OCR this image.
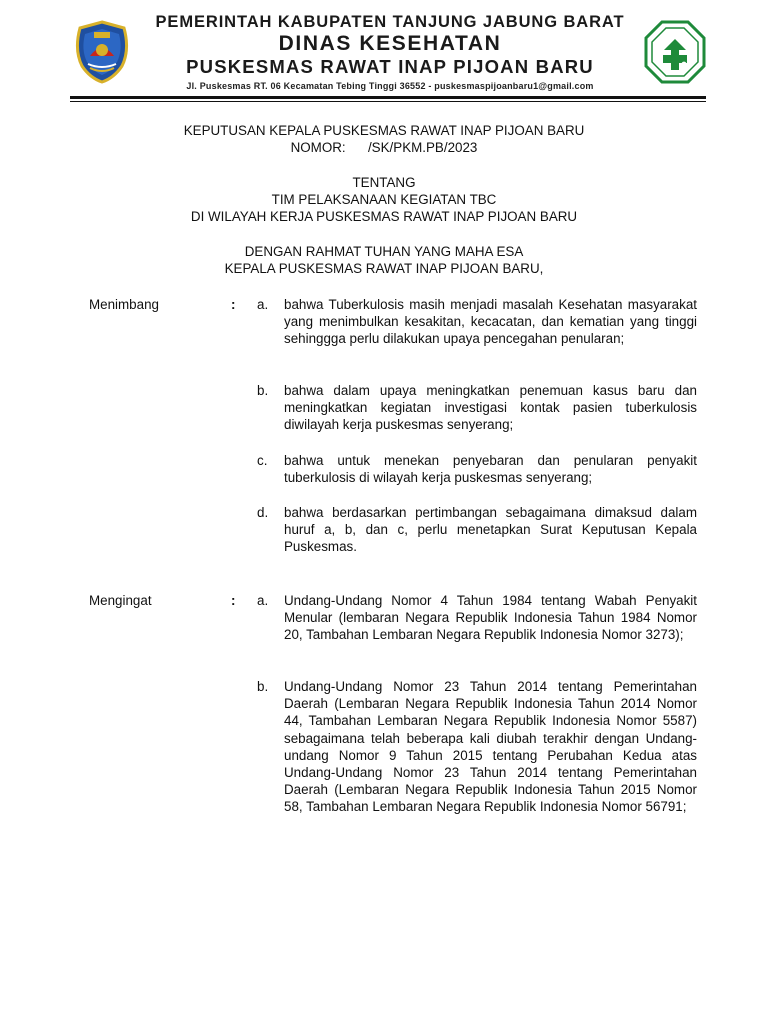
PEMERINTAH KABUPATEN TANJUNG JABUNG BARAT
DINAS KESEHATAN
PUSKESMAS RAWAT INAP PIJOAN BARU
Jl. Puskesmas RT. 06 Kecamatan Tebing Tinggi 36552 - puskesmaspijoanbaru1@gmail.com
KEPUTUSAN KEPALA PUSKESMAS RAWAT INAP PIJOAN BARU
NOMOR:      /SK/PKM.PB/2023
TENTANG
TIM PELAKSANAAN KEGIATAN TBC
DI WILAYAH KERJA PUSKESMAS RAWAT INAP PIJOAN BARU
DENGAN RAHMAT TUHAN YANG MAHA ESA
KEPALA PUSKESMAS RAWAT INAP PIJOAN BARU,
Menimbang	: a. bahwa Tuberkulosis masih menjadi masalah Kesehatan masyarakat yang menimbulkan kesakitan, kecacatan, dan kematian yang tinggi sehinggga perlu dilakukan upaya pencegahan penularan;
b. bahwa dalam upaya meningkatkan penemuan kasus baru dan meningkatkan kegiatan investigasi kontak pasien tuberkulosis diwilayah kerja puskesmas senyerang;
c. bahwa untuk menekan penyebaran dan penularan penyakit tuberkulosis di wilayah kerja puskesmas senyerang;
d. bahwa berdasarkan pertimbangan sebagaimana dimaksud dalam huruf a, b, dan c, perlu menetapkan Surat Keputusan Kepala Puskesmas.
Mengingat	: a. Undang-Undang Nomor 4 Tahun 1984 tentang Wabah Penyakit Menular (lembaran Negara Republik Indonesia Tahun 1984 Nomor 20, Tambahan Lembaran Negara Republik Indonesia Nomor 3273);
b. Undang-Undang Nomor 23 Tahun 2014 tentang Pemerintahan Daerah (Lembaran Negara Republik Indonesia Tahun 2014 Nomor 44, Tambahan Lembaran Negara Republik Indonesia Nomor 5587) sebagaimana telah beberapa kali diubah terakhir dengan Undang-undang Nomor 9 Tahun 2015 tentang Perubahan Kedua atas Undang-Undang Nomor 23 Tahun 2014 tentang Pemerintahan Daerah (Lembaran Negara Republik Indonesia Tahun 2015 Nomor 58, Tambahan Lembaran Negara Republik Indonesia Nomor 56791;
